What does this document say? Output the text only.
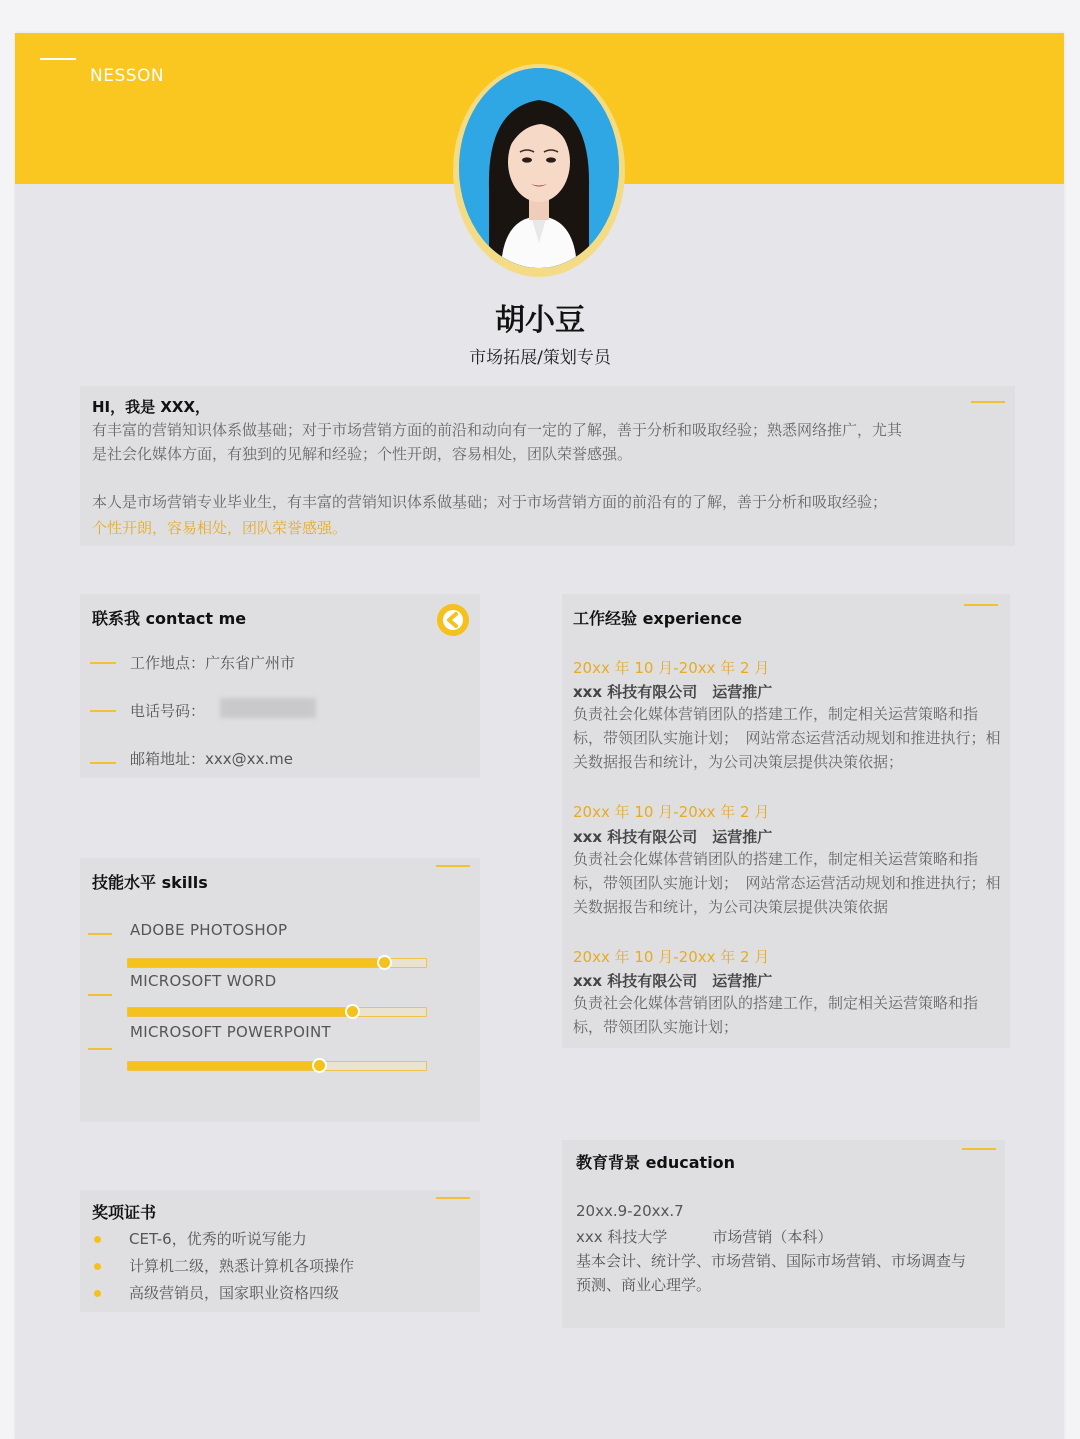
NESSON
胡小豆
市场拓展/策划专员
HI，我是 XXX，
有丰富的营销知识体系做基础；对于市场营销方面的前沿和动向有一定的了解，善于分析和吸取经验；熟悉网络推广，尤其
是社会化媒体方面，有独到的见解和经验；个性开朗，容易相处，团队荣誉感强。
本人是市场营销专业毕业生，有丰富的营销知识体系做基础；对于市场营销方面的前沿有的了解，善于分析和吸取经验；
个性开朗，容易相处，团队荣誉感强。
联系我 contact me
工作地点：广东省广州市
电话号码：
邮箱地址：xxx@xx.me
技能水平 skills
ADOBE PHOTOSHOP
MICROSOFT WORD
MICROSOFT POWERPOINT
奖项证书
CET-6，优秀的听说写能力
计算机二级，熟悉计算机各项操作
高级营销员，国家职业资格四级
工作经验 experience
20xx 年 10 月-20xx 年 2 月
xxx 科技有限公司　运营推广
负责社会化媒体营销团队的搭建工作，制定相关运营策略和指标，带领团队实施计划；　网站常态运营活动规划和推进执行；相关数据报告和统计，为公司决策层提供决策依据；
20xx 年 10 月-20xx 年 2 月
xxx 科技有限公司　运营推广
负责社会化媒体营销团队的搭建工作，制定相关运营策略和指标，带领团队实施计划；　网站常态运营活动规划和推进执行；相关数据报告和统计，为公司决策层提供决策依据
20xx 年 10 月-20xx 年 2 月
xxx 科技有限公司　运营推广
负责社会化媒体营销团队的搭建工作，制定相关运营策略和指标，带领团队实施计划；
教育背景 education
20xx.9-20xx.7
xxx 科技大学　　　市场营销（本科）
基本会计、统计学、市场营销、国际市场营销、市场调查与
预测、商业心理学。
